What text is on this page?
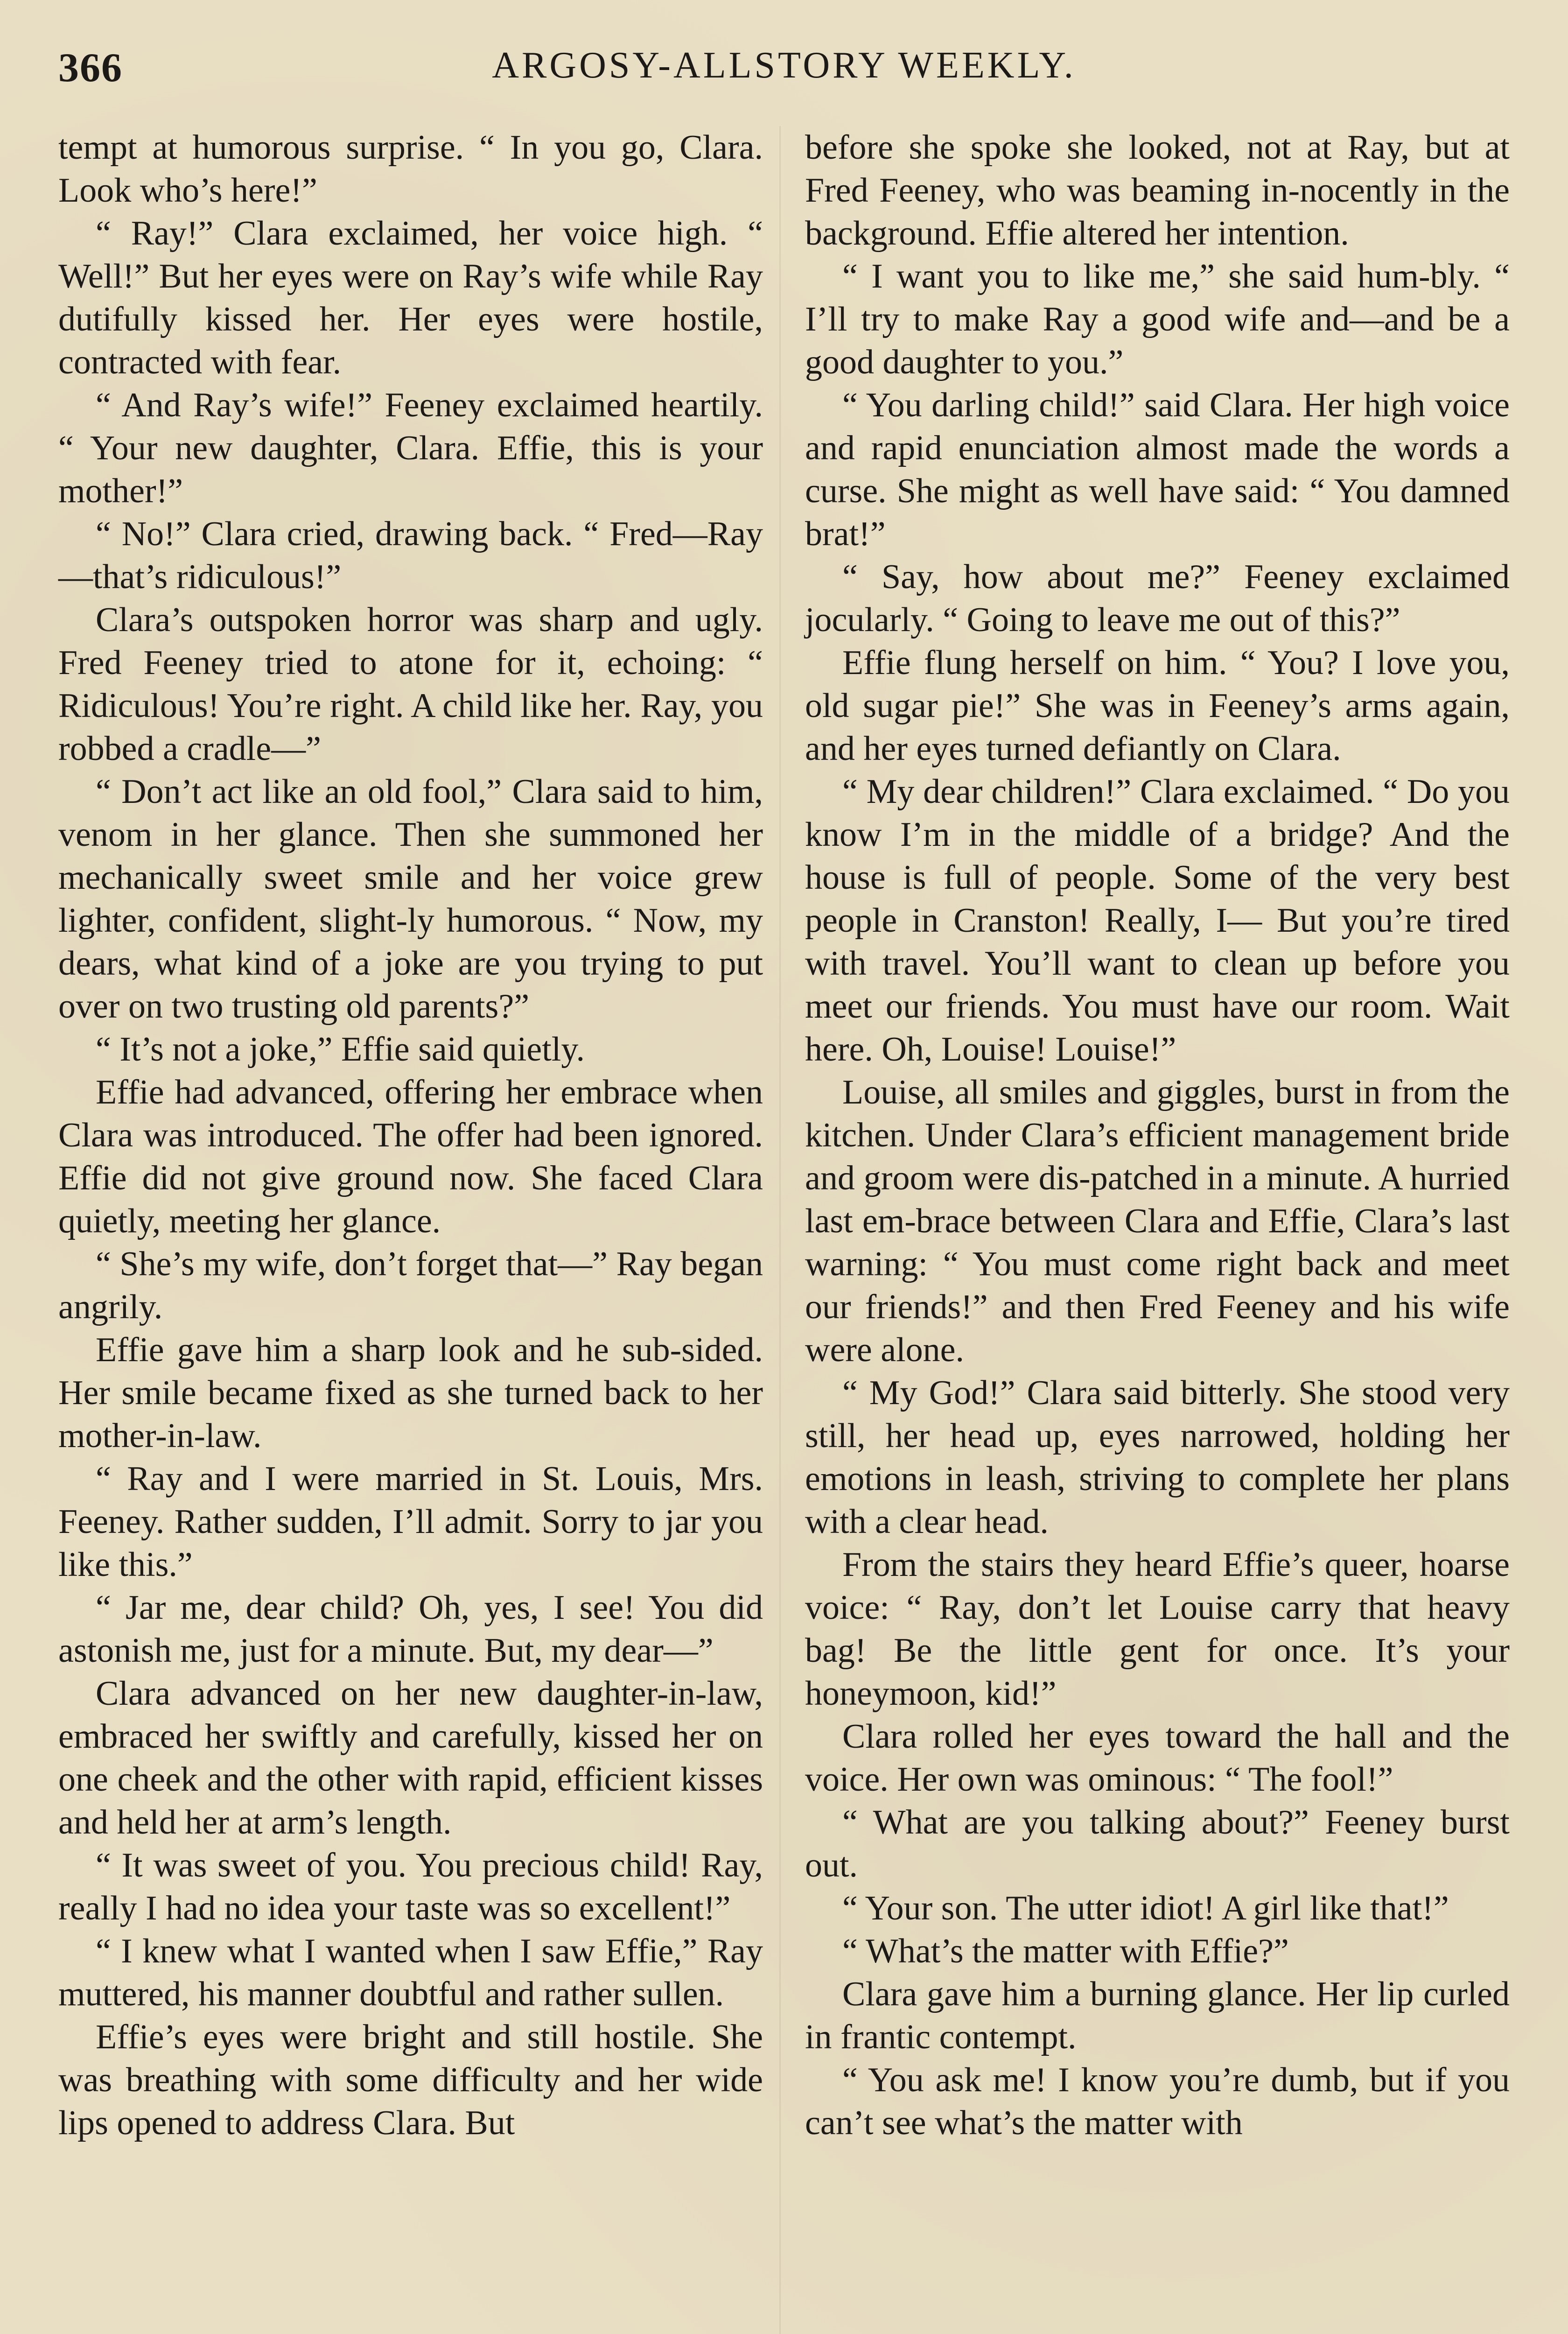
366	ARGOSY-ALLSTORY WEEKLY.

tempt at humorous surprise. “ In you go, Clara. Look who’s here!”

“ Ray!” Clara exclaimed, her voice high. “ Well!” But her eyes were on Ray’s wife while Ray dutifully kissed her. Her eyes were hostile, contracted with fear.

“ And Ray’s wife!” Feeney exclaimed heartily. “ Your new daughter, Clara. Effie, this is your mother!”

“ No!” Clara cried, drawing back. “ Fred—Ray—that’s ridiculous!”

Clara’s outspoken horror was sharp and ugly. Fred Feeney tried to atone for it, echoing: “ Ridiculous! You’re right. A child like her. Ray, you robbed a cradle—”

“ Don’t act like an old fool,” Clara said to him, venom in her glance. Then she summoned her mechanically sweet smile and her voice grew lighter, confident, slight-ly humorous. “ Now, my dears, what kind of a joke are you trying to put over on two trusting old parents?”

“ It’s not a joke,” Effie said quietly.

Effie had advanced, offering her embrace when Clara was introduced. The offer had been ignored. Effie did not give ground now. She faced Clara quietly, meeting her glance.

“ She’s my wife, don’t forget that—” Ray began angrily.

Effie gave him a sharp look and he sub-sided. Her smile became fixed as she turned back to her mother-in-law.

“ Ray and I were married in St. Louis, Mrs. Feeney. Rather sudden, I’ll admit. Sorry to jar you like this.”

“ Jar me, dear child? Oh, yes, I see! You did astonish me, just for a minute. But, my dear—”

Clara advanced on her new daughter-in-law, embraced her swiftly and carefully, kissed her on one cheek and the other with rapid, efficient kisses and held her at arm’s length.

“ It was sweet of you. You precious child! Ray, really I had no idea your taste was so excellent!”

“ I knew what I wanted when I saw Effie,” Ray muttered, his manner doubtful and rather sullen.

Effie’s eyes were bright and still hostile. She was breathing with some difficulty and her wide lips opened to address Clara. But

before she spoke she looked, not at Ray, but at Fred Feeney, who was beaming in-nocently in the background. Effie altered her intention.

“ I want you to like me,” she said hum-bly. “ I’ll try to make Ray a good wife and—and be a good daughter to you.”

“ You darling child!” said Clara. Her high voice and rapid enunciation almost made the words a curse. She might as well have said: “ You damned brat!”

“ Say, how about me?” Feeney exclaimed jocularly. “ Going to leave me out of this?”

Effie flung herself on him. “ You? I love you, old sugar pie!” She was in Feeney’s arms again, and her eyes turned defiantly on Clara.

“ My dear children!” Clara exclaimed. “ Do you know I’m in the middle of a bridge? And the house is full of people. Some of the very best people in Cranston! Really, I— But you’re tired with travel. You’ll want to clean up before you meet our friends. You must have our room. Wait here. Oh, Louise! Louise!”

Louise, all smiles and giggles, burst in from the kitchen. Under Clara’s efficient management bride and groom were dis-patched in a minute. A hurried last em-brace between Clara and Effie, Clara’s last warning: “ You must come right back and meet our friends!” and then Fred Feeney and his wife were alone.

“ My God!” Clara said bitterly. She stood very still, her head up, eyes narrowed, holding her emotions in leash, striving to complete her plans with a clear head.

From the stairs they heard Effie’s queer, hoarse voice: “ Ray, don’t let Louise carry that heavy bag! Be the little gent for once. It’s your honeymoon, kid!”

Clara rolled her eyes toward the hall and the voice. Her own was ominous: “ The fool!”

“ What are you talking about?” Feeney burst out.

“ Your son. The utter idiot! A girl like that!”

“ What’s the matter with Effie?”

Clara gave him a burning glance. Her lip curled in frantic contempt.

“ You ask me! I know you’re dumb, but if you can’t see what’s the matter with
